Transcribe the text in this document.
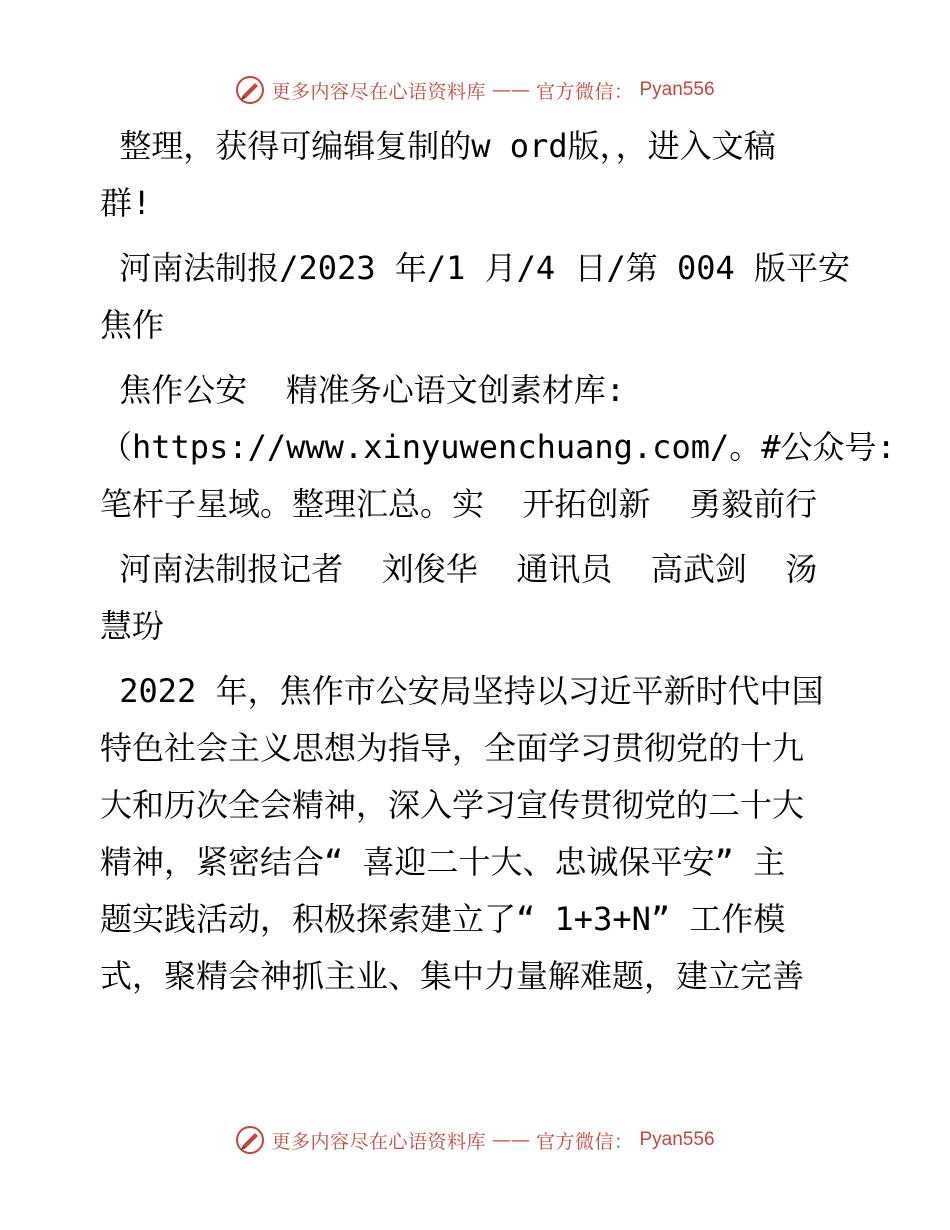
更多内容尽在心语资料库 —— 官方微信： Pyan556
整理，获得可编辑复制的w ord版，，进入文稿
群!
河南法制报/2023 年/1 月/4 日/第 004 版平安
焦作
焦作公安  精准务心语文创素材库:
（https://www.xinyuwenchuang.com/。#公众号:
笔杆子星域。整理汇总。实  开拓创新  勇毅前行
河南法制报记者  刘俊华  通讯员  高武剑  汤
慧玢
2022 年，焦作市公安局坚持以习近平新时代中国
特色社会主义思想为指导，全面学习贯彻党的十九
大和历次全会精神，深入学习宣传贯彻党的二十大
精神，紧密结合“ 喜迎二十大、忠诚保平安” 主
题实践活动，积极探索建立了“ 1+3+N” 工作模
式，聚精会神抓主业、集中力量解难题，建立完善
更多内容尽在心语资料库 —— 官方微信： Pyan556
